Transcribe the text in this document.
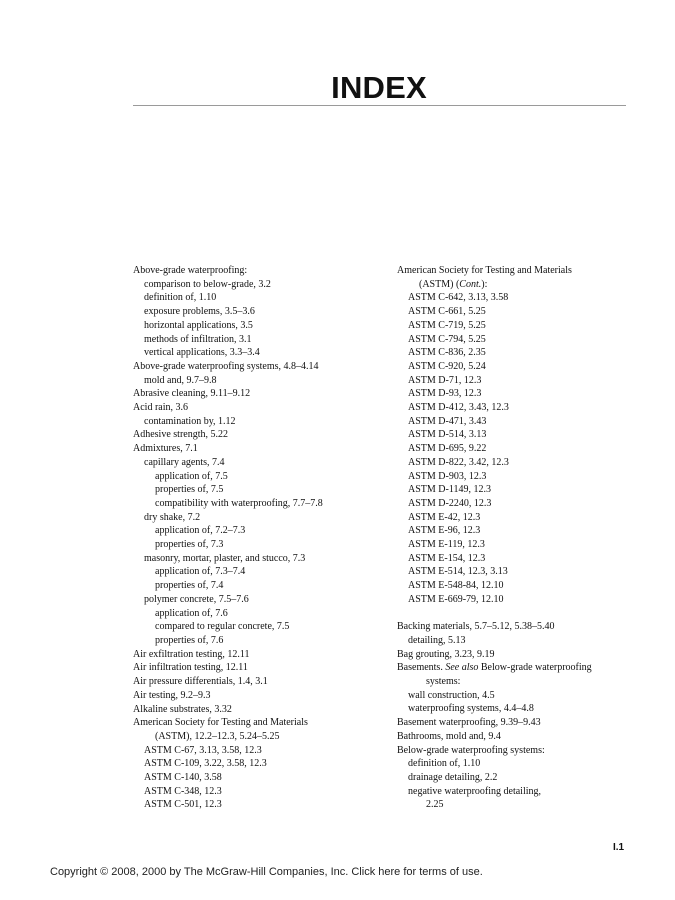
INDEX
Above-grade waterproofing:
comparison to below-grade, 3.2
definition of, 1.10
exposure problems, 3.5–3.6
horizontal applications, 3.5
methods of infiltration, 3.1
vertical applications, 3.3–3.4
Above-grade waterproofing systems, 4.8–4.14
mold and, 9.7–9.8
Abrasive cleaning, 9.11–9.12
Acid rain, 3.6
contamination by, 1.12
Adhesive strength, 5.22
Admixtures, 7.1
capillary agents, 7.4
application of, 7.5
properties of, 7.5
compatibility with waterproofing, 7.7–7.8
dry shake, 7.2
application of, 7.2–7.3
properties of, 7.3
masonry, mortar, plaster, and stucco, 7.3
application of, 7.3–7.4
properties of, 7.4
polymer concrete, 7.5–7.6
application of, 7.6
compared to regular concrete, 7.5
properties of, 7.6
Air exfiltration testing, 12.11
Air infiltration testing, 12.11
Air pressure differentials, 1.4, 3.1
Air testing, 9.2–9.3
Alkaline substrates, 3.32
American Society for Testing and Materials
(ASTM), 12.2–12.3, 5.24–5.25
ASTM C-67, 3.13, 3.58, 12.3
ASTM C-109, 3.22, 3.58, 12.3
ASTM C-140, 3.58
ASTM C-348, 12.3
ASTM C-501, 12.3
American Society for Testing and Materials
(ASTM) (Cont.):
ASTM C-642, 3.13, 3.58
ASTM C-661, 5.25
ASTM C-719, 5.25
ASTM C-794, 5.25
ASTM C-836, 2.35
ASTM C-920, 5.24
ASTM D-71, 12.3
ASTM D-93, 12.3
ASTM D-412, 3.43, 12.3
ASTM D-471, 3.43
ASTM D-514, 3.13
ASTM D-695, 9.22
ASTM D-822, 3.42, 12.3
ASTM D-903, 12.3
ASTM D-1149, 12.3
ASTM D-2240, 12.3
ASTM E-42, 12.3
ASTM E-96, 12.3
ASTM E-119, 12.3
ASTM E-154, 12.3
ASTM E-514, 12.3, 3.13
ASTM E-548-84, 12.10
ASTM E-669-79, 12.10
Backing materials, 5.7–5.12, 5.38–5.40
detailing, 5.13
Bag grouting, 3.23, 9.19
Basements. See also Below-grade waterproofing
systems:
wall construction, 4.5
waterproofing systems, 4.4–4.8
Basement waterproofing, 9.39–9.43
Bathrooms, mold and, 9.4
Below-grade waterproofing systems:
definition of, 1.10
drainage detailing, 2.2
negative waterproofing detailing,
2.25
I.1
Copyright © 2008, 2000 by The McGraw-Hill Companies, Inc. Click here for terms of use.
